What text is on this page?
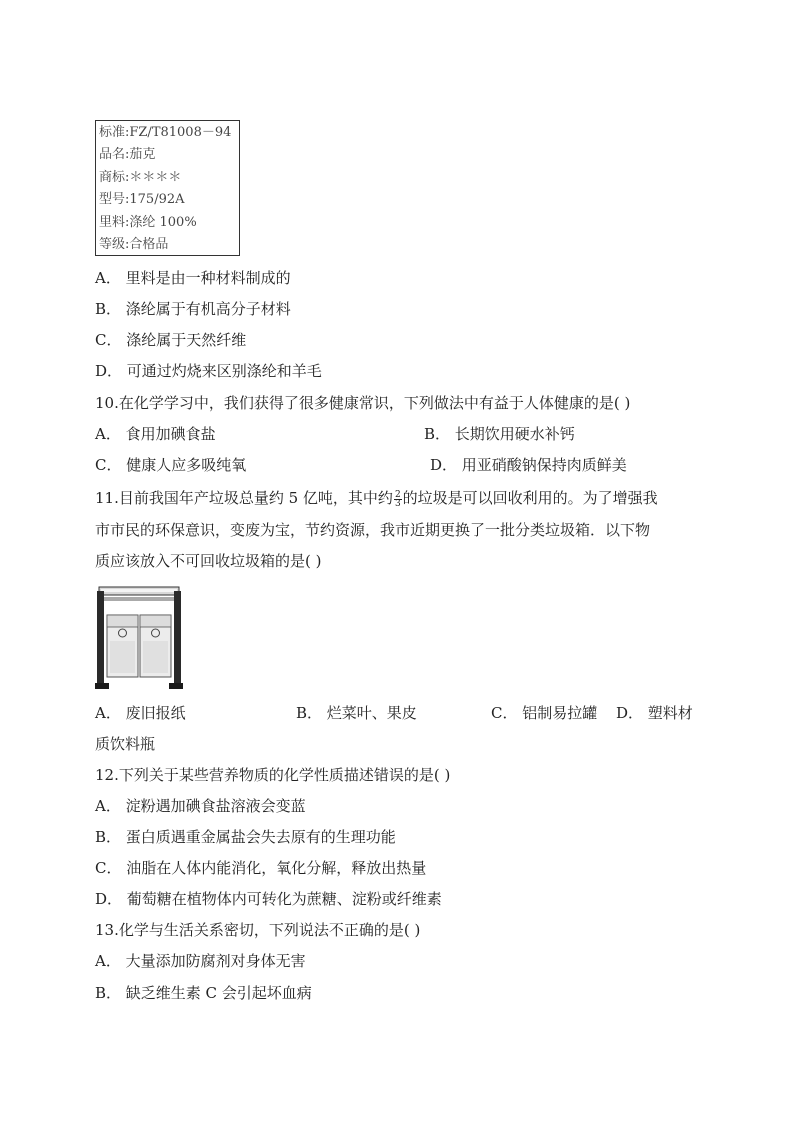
标准:FZ/T81008－94
品名:茄克
商标:＊＊＊＊
型号:175/92A
里料:涤纶 100%
等级:合格品
A． 里料是由一种材料制成的
B． 涤纶属于有机高分子材料
C． 涤纶属于天然纤维
D． 可通过灼烧来区别涤纶和羊毛
10.在化学学习中，我们获得了很多健康常识，下列做法中有益于人体健康的是( )
A． 食用加碘食盐	B． 长期饮用硬水补钙
C． 健康人应多吸纯氧	D． 用亚硝酸钠保持肉质鲜美
11.目前我国年产垃圾总量约 5 亿吨，其中约 $\frac{2}{3}$ 的垃圾是可以回收利用的。为了增强我
市市民的环保意识，变废为宝，节约资源，我市近期更换了一批分类垃圾箱．以下物
质应该放入不可回收垃圾箱的是( )
A． 废旧报纸	B． 烂菜叶、果皮	C． 铝制易拉罐 D． 塑料材
质饮料瓶
12.下列关于某些营养物质的化学性质描述错误的是( )
A． 淀粉遇加碘食盐溶液会变蓝
B． 蛋白质遇重金属盐会失去原有的生理功能
C． 油脂在人体内能消化，氧化分解，释放出热量
D． 葡萄糖在植物体内可转化为蔗糖、淀粉或纤维素
13.化学与生活关系密切，下列说法不正确的是( )
A． 大量添加防腐剂对身体无害
B． 缺乏维生素 C 会引起坏血病
